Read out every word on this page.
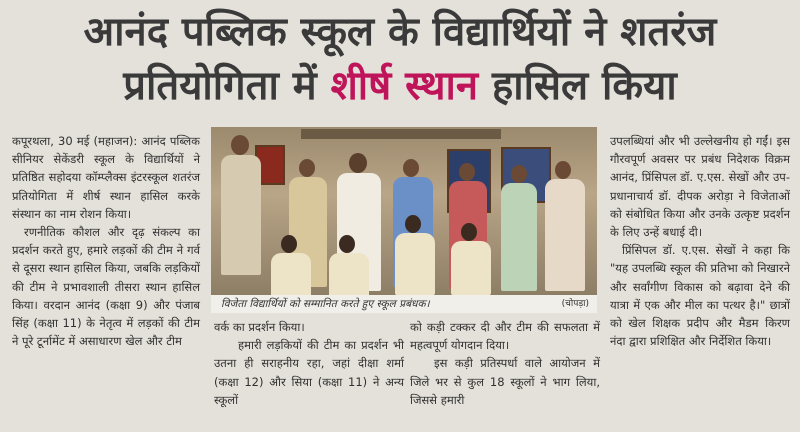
आनंद पब्लिक स्कूल के विद्यार्थियों ने शतरंज
प्रतियोगिता में शीर्ष स्थान हासिल किया

कपूरथला, 30 मई (महाजन): आनंद पब्लिक सीनियर सेकेंडरी स्कूल के विद्यार्थियों ने प्रतिष्ठित सहोदया कॉम्प्लैक्स इंटरस्कूल शतरंज प्रतियोगिता में शीर्ष स्थान हासिल करके संस्थान का नाम रोशन किया।

रणनीतिक कौशल और दृढ़ संकल्प का प्रदर्शन करते हुए, हमारे लड़कों की टीम ने गर्व से दूसरा स्थान हासिल किया, जबकि लड़कियों की टीम ने प्रभावशाली तीसरा स्थान हासिल किया। वरदान आनंद (कक्षा 9) और पंजाब सिंह (कक्षा 11) के नेतृत्व में लड़कों की टीम ने पूरे टूर्नामेंट में असाधारण खेल और टीम

विजेता विद्यार्थियों को सम्मानित करते हुए स्कूल प्रबंधक।	(चोपड़ा)

वर्क का प्रदर्शन किया।

हमारी लड़कियों की टीम का प्रदर्शन भी उतना ही सराहनीय रहा, जहां दीक्षा शर्मा (कक्षा 12) और सिया (कक्षा 11) ने अन्य स्कूलों

को कड़ी टक्कर दी और टीम की सफलता में महत्वपूर्ण योगदान दिया।

इस कड़ी प्रतिस्पर्धा वाले आयोजन में जिले भर से कुल 18 स्कूलों ने भाग लिया, जिससे हमारी

उपलब्धियां और भी उल्लेखनीय हो गईं। इस गौरवपूर्ण अवसर पर प्रबंध निदेशक विक्रम आनंद, प्रिंसिपल डॉ. ए.एस. सेखों और उप-प्रधानाचार्य डॉ. दीपक अरोड़ा ने विजेताओं को संबोधित किया और उनके उत्कृष्ट प्रदर्शन के लिए उन्हें बधाई दी।

प्रिंसिपल डॉ. ए.एस. सेखों ने कहा कि "यह उपलब्धि स्कूल की प्रतिभा को निखारने और सर्वांगीण विकास को बढ़ावा देने की यात्रा में एक और मील का पत्थर है।" छात्रों को खेल शिक्षक प्रदीप और मैडम किरण नंदा द्वारा प्रशिक्षित और निर्देशित किया।
